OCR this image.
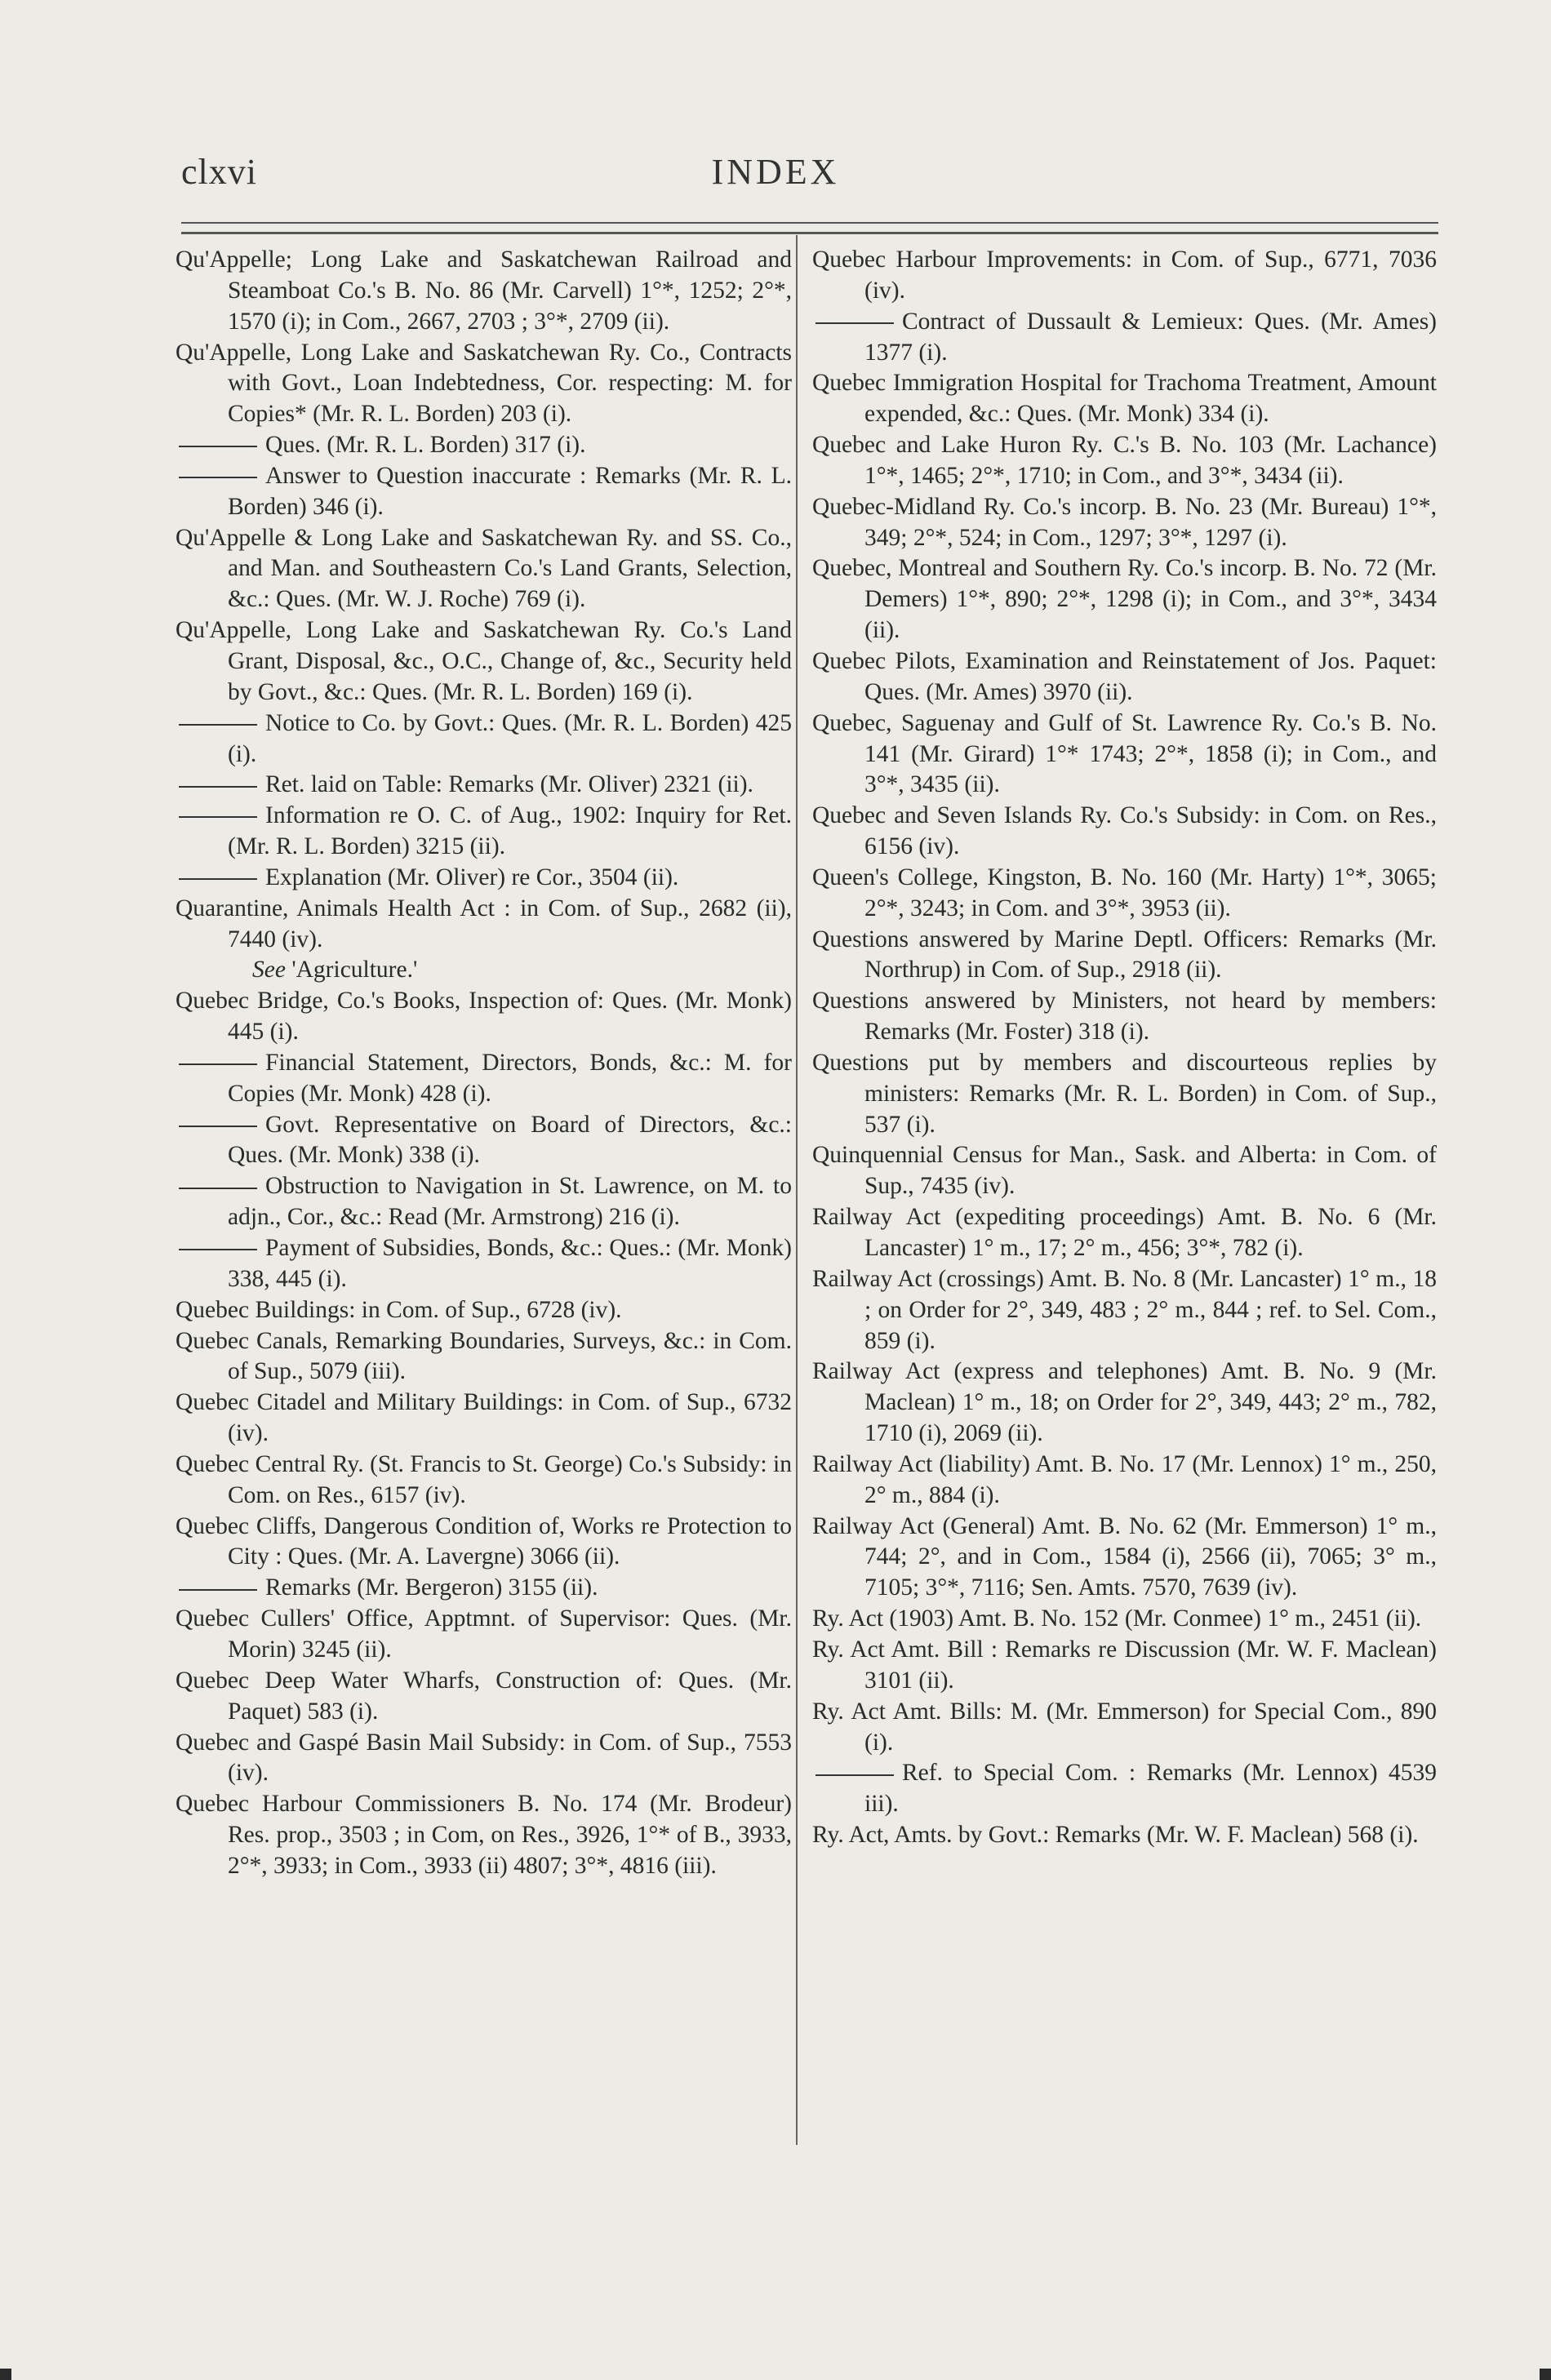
clxvi	INDEX

Qu'Appelle; Long Lake and Saskatchewan Railroad and Steamboat Co.'s B. No. 86 (Mr. Carvell) 1°*, 1252; 2°*, 1570 (i); in Com., 2667, 2703 ; 3°*, 2709 (ii).

Qu'Appelle, Long Lake and Saskatchewan Ry. Co., Contracts with Govt., Loan Indebtedness, Cor. respecting: M. for Copies* (Mr. R. L. Borden) 203 (i).

Ques. (Mr. R. L. Borden) 317 (i).

Answer to Question inaccurate : Remarks (Mr. R. L. Borden) 346 (i).

Qu'Appelle & Long Lake and Saskatchewan Ry. and SS. Co., and Man. and Southeastern Co.'s Land Grants, Selection, &c.: Ques. (Mr. W. J. Roche) 769 (i).

Qu'Appelle, Long Lake and Saskatchewan Ry. Co.'s Land Grant, Disposal, &c., O.C., Change of, &c., Security held by Govt., &c.: Ques. (Mr. R. L. Borden) 169 (i).

Notice to Co. by Govt.: Ques. (Mr. R. L. Borden) 425 (i).

Ret. laid on Table: Remarks (Mr. Oliver) 2321 (ii).

Information re O. C. of Aug., 1902: Inquiry for Ret. (Mr. R. L. Borden) 3215 (ii).

Explanation (Mr. Oliver) re Cor., 3504 (ii).

Quarantine, Animals Health Act : in Com. of Sup., 2682 (ii), 7440 (iv).

See 'Agriculture.'

Quebec Bridge, Co.'s Books, Inspection of: Ques. (Mr. Monk) 445 (i).

Financial Statement, Directors, Bonds, &c.: M. for Copies (Mr. Monk) 428 (i).

Govt. Representative on Board of Directors, &c.: Ques. (Mr. Monk) 338 (i).

Obstruction to Navigation in St. Lawrence, on M. to adjn., Cor., &c.: Read (Mr. Armstrong) 216 (i).

Payment of Subsidies, Bonds, &c.: Ques.: (Mr. Monk) 338, 445 (i).

Quebec Buildings: in Com. of Sup., 6728 (iv).

Quebec Canals, Remarking Boundaries, Surveys, &c.: in Com. of Sup., 5079 (iii).

Quebec Citadel and Military Buildings: in Com. of Sup., 6732 (iv).

Quebec Central Ry. (St. Francis to St. George) Co.'s Subsidy: in Com. on Res., 6157 (iv).

Quebec Cliffs, Dangerous Condition of, Works re Protection to City : Ques. (Mr. A. Lavergne) 3066 (ii).

Remarks (Mr. Bergeron) 3155 (ii).

Quebec Cullers' Office, Apptmnt. of Supervisor: Ques. (Mr. Morin) 3245 (ii).

Quebec Deep Water Wharfs, Construction of: Ques. (Mr. Paquet) 583 (i).

Quebec and Gaspé Basin Mail Subsidy: in Com. of Sup., 7553 (iv).

Quebec Harbour Commissioners B. No. 174 (Mr. Brodeur) Res. prop., 3503 ; in Com, on Res., 3926, 1°* of B., 3933, 2°*, 3933; in Com., 3933 (ii) 4807; 3°*, 4816 (iii).

Quebec Harbour Improvements: in Com. of Sup., 6771, 7036 (iv).

Contract of Dussault & Lemieux: Ques. (Mr. Ames) 1377 (i).

Quebec Immigration Hospital for Trachoma Treatment, Amount expended, &c.: Ques. (Mr. Monk) 334 (i).

Quebec and Lake Huron Ry. C.'s B. No. 103 (Mr. Lachance) 1°*, 1465; 2°*, 1710; in Com., and 3°*, 3434 (ii).

Quebec-Midland Ry. Co.'s incorp. B. No. 23 (Mr. Bureau) 1°*, 349; 2°*, 524; in Com., 1297; 3°*, 1297 (i).

Quebec, Montreal and Southern Ry. Co.'s incorp. B. No. 72 (Mr. Demers) 1°*, 890; 2°*, 1298 (i); in Com., and 3°*, 3434 (ii).

Quebec Pilots, Examination and Reinstatement of Jos. Paquet: Ques. (Mr. Ames) 3970 (ii).

Quebec, Saguenay and Gulf of St. Lawrence Ry. Co.'s B. No. 141 (Mr. Girard) 1°* 1743; 2°*, 1858 (i); in Com., and 3°*, 3435 (ii).

Quebec and Seven Islands Ry. Co.'s Subsidy: in Com. on Res., 6156 (iv).

Queen's College, Kingston, B. No. 160 (Mr. Harty) 1°*, 3065; 2°*, 3243; in Com. and 3°*, 3953 (ii).

Questions answered by Marine Deptl. Officers: Remarks (Mr. Northrup) in Com. of Sup., 2918 (ii).

Questions answered by Ministers, not heard by members: Remarks (Mr. Foster) 318 (i).

Questions put by members and discourteous replies by ministers: Remarks (Mr. R. L. Borden) in Com. of Sup., 537 (i).

Quinquennial Census for Man., Sask. and Alberta: in Com. of Sup., 7435 (iv).

Railway Act (expediting proceedings) Amt. B. No. 6 (Mr. Lancaster) 1° m., 17; 2° m., 456; 3°*, 782 (i).

Railway Act (crossings) Amt. B. No. 8 (Mr. Lancaster) 1° m., 18 ; on Order for 2°, 349, 483 ; 2° m., 844 ; ref. to Sel. Com., 859 (i).

Railway Act (express and telephones) Amt. B. No. 9 (Mr. Maclean) 1° m., 18; on Order for 2°, 349, 443; 2° m., 782, 1710 (i), 2069 (ii).

Railway Act (liability) Amt. B. No. 17 (Mr. Lennox) 1° m., 250, 2° m., 884 (i).

Railway Act (General) Amt. B. No. 62 (Mr. Emmerson) 1° m., 744; 2°, and in Com., 1584 (i), 2566 (ii), 7065; 3° m., 7105; 3°*, 7116; Sen. Amts. 7570, 7639 (iv).

Ry. Act (1903) Amt. B. No. 152 (Mr. Conmee) 1° m., 2451 (ii).

Ry. Act Amt. Bill : Remarks re Discussion (Mr. W. F. Maclean) 3101 (ii).

Ry. Act Amt. Bills: M. (Mr. Emmerson) for Special Com., 890 (i).

Ref. to Special Com. : Remarks (Mr. Lennox) 4539 iii).

Ry. Act, Amts. by Govt.: Remarks (Mr. W. F. Maclean) 568 (i).
